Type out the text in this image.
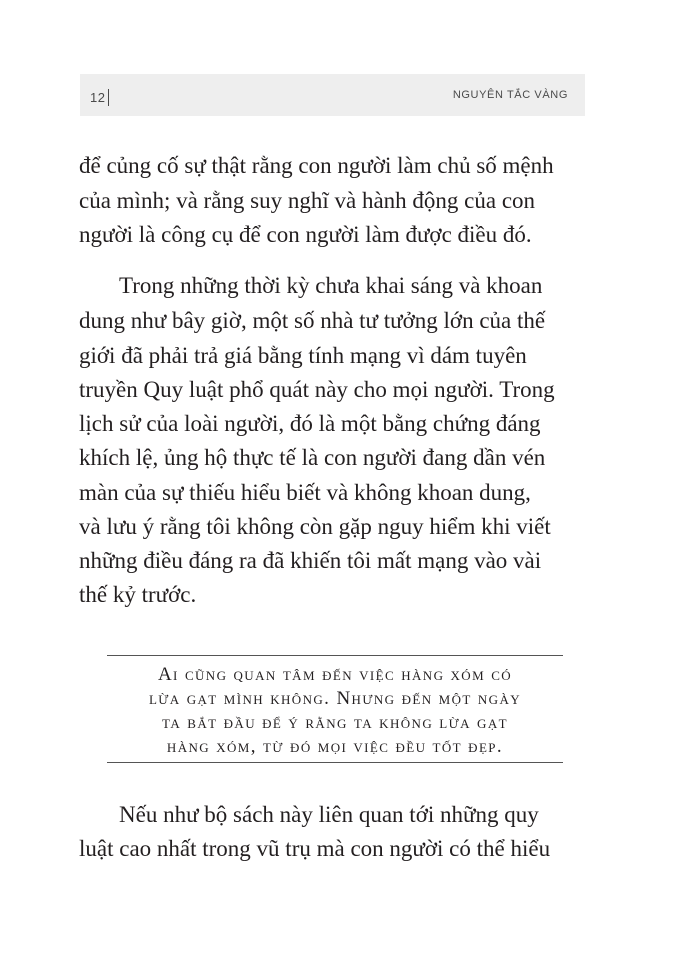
12	NGUYÊN TẮC VÀNG
để củng cố sự thật rằng con người làm chủ số mệnh
của mình; và rằng suy nghĩ và hành động của con
người là công cụ để con người làm được điều đó.
Trong những thời kỳ chưa khai sáng và khoan
dung như bây giờ, một số nhà tư tưởng lớn của thế
giới đã phải trả giá bằng tính mạng vì dám tuyên
truyền Quy luật phổ quát này cho mọi người. Trong
lịch sử của loài người, đó là một bằng chứng đáng
khích lệ, ủng hộ thực tế là con người đang dần vén
màn của sự thiếu hiểu biết và không khoan dung,
và lưu ý rằng tôi không còn gặp nguy hiểm khi viết
những điều đáng ra đã khiến tôi mất mạng vào vài
thế kỷ trước.
Ai cũng quan tâm đến việc hàng xóm có
lừa gạt mình không. Nhưng đến một ngày
ta bắt đầu để ý rằng ta không lừa gạt
hàng xóm, từ đó mọi việc đều tốt đẹp.
Nếu như bộ sách này liên quan tới những quy
luật cao nhất trong vũ trụ mà con người có thể hiểu
